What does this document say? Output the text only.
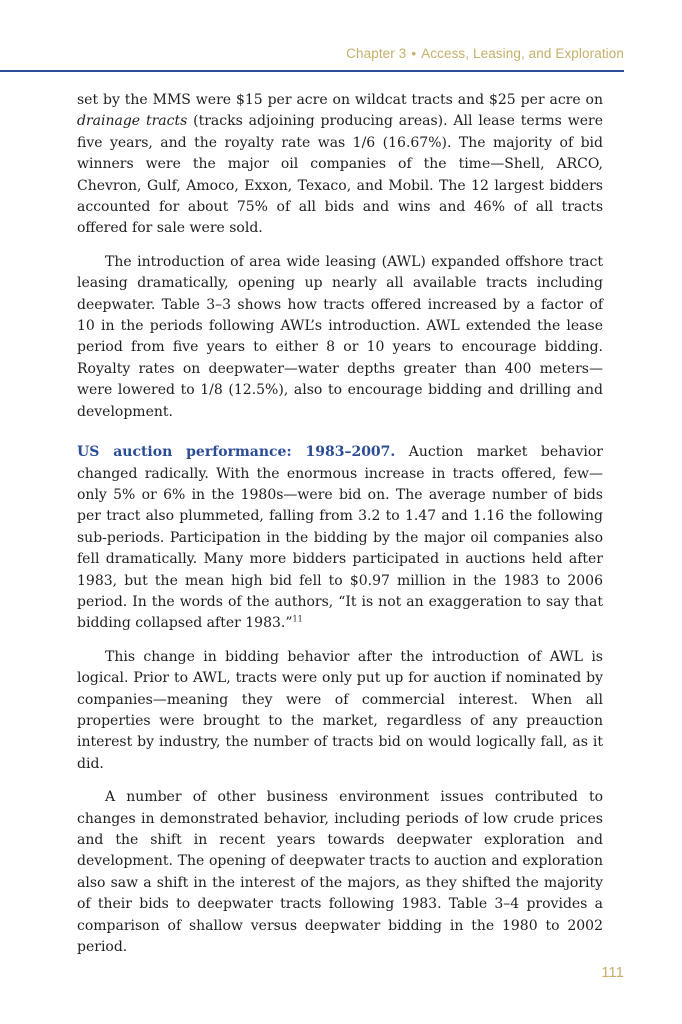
Chapter 3 • Access, Leasing, and Exploration

set by the MMS were $15 per acre on wildcat tracts and $25 per acre on drainage tracts (tracks adjoining producing areas). All lease terms were five years, and the royalty rate was 1/6 (16.67%). The majority of bid winners were the major oil companies of the time—Shell, ARCO, Chevron, Gulf, Amoco, Exxon, Texaco, and Mobil. The 12 largest bidders accounted for about 75% of all bids and wins and 46% of all tracts offered for sale were sold.

The introduction of area wide leasing (AWL) expanded offshore tract leasing dramatically, opening up nearly all available tracts including deepwater. Table 3–3 shows how tracts offered increased by a factor of 10 in the periods following AWL’s introduction. AWL extended the lease period from five years to either 8 or 10 years to encourage bidding. Royalty rates on deepwater—water depths greater than 400 meters—were lowered to 1/8 (12.5%), also to encourage bidding and drilling and development.

US auction performance: 1983–2007. Auction market behavior changed radically. With the enormous increase in tracts offered, few—only 5% or 6% in the 1980s—were bid on. The average number of bids per tract also plummeted, falling from 3.2 to 1.47 and 1.16 the following sub-periods. Participation in the bidding by the major oil companies also fell dramatically. Many more bidders participated in auctions held after 1983, but the mean high bid fell to $0.97 million in the 1983 to 2006 period. In the words of the authors, “It is not an exaggeration to say that bidding collapsed after 1983.”$^{11}$

This change in bidding behavior after the introduction of AWL is logical. Prior to AWL, tracts were only put up for auction if nominated by companies—meaning they were of commercial interest. When all properties were brought to the market, regardless of any preauction interest by industry, the number of tracts bid on would logically fall, as it did.

A number of other business environment issues contributed to changes in demonstrated behavior, including periods of low crude prices and the shift in recent years towards deepwater exploration and development. The opening of deepwater tracts to auction and exploration also saw a shift in the interest of the majors, as they shifted the majority of their bids to deepwater tracts following 1983. Table 3–4 provides a comparison of shallow versus deepwater bidding in the 1980 to 2002 period.

111
